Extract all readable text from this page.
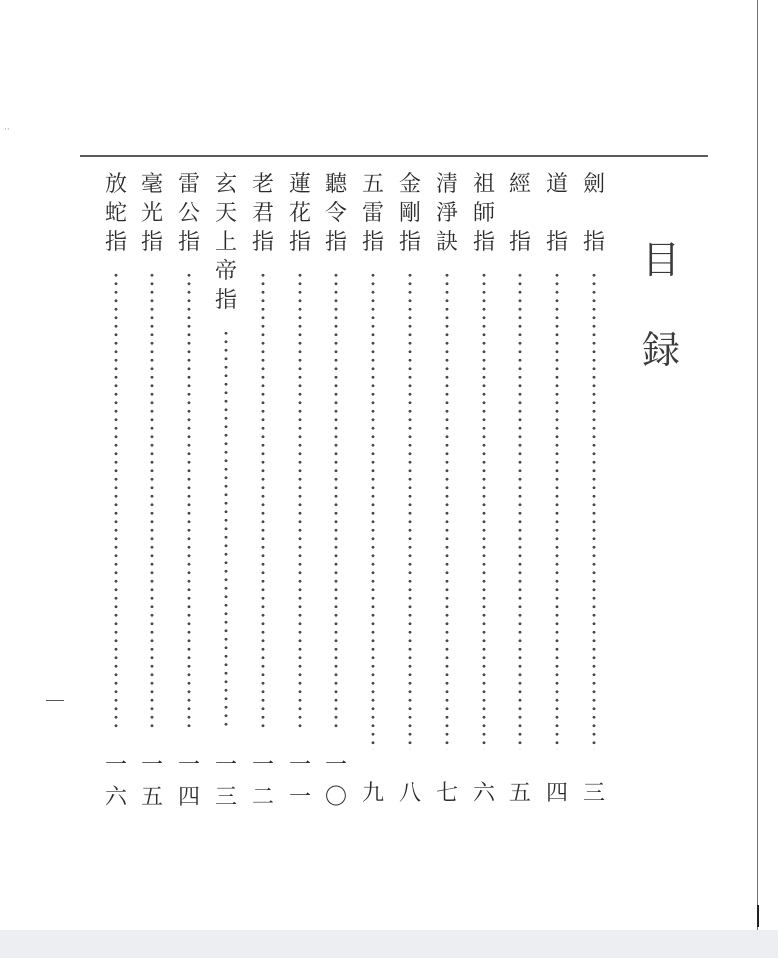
··
目
録
劍
指
三
道
指
四
經
指
五
祖
師
指
六
清
淨
訣
七
金
剛
指
八
五
雷
指
九
聽
令
指
一
〇
蓮
花
指
一
一
老
君
指
一
二
玄
天
上
帝
指
一
三
雷
公
指
一
四
毫
光
指
一
五
放
蛇
指
一
六
